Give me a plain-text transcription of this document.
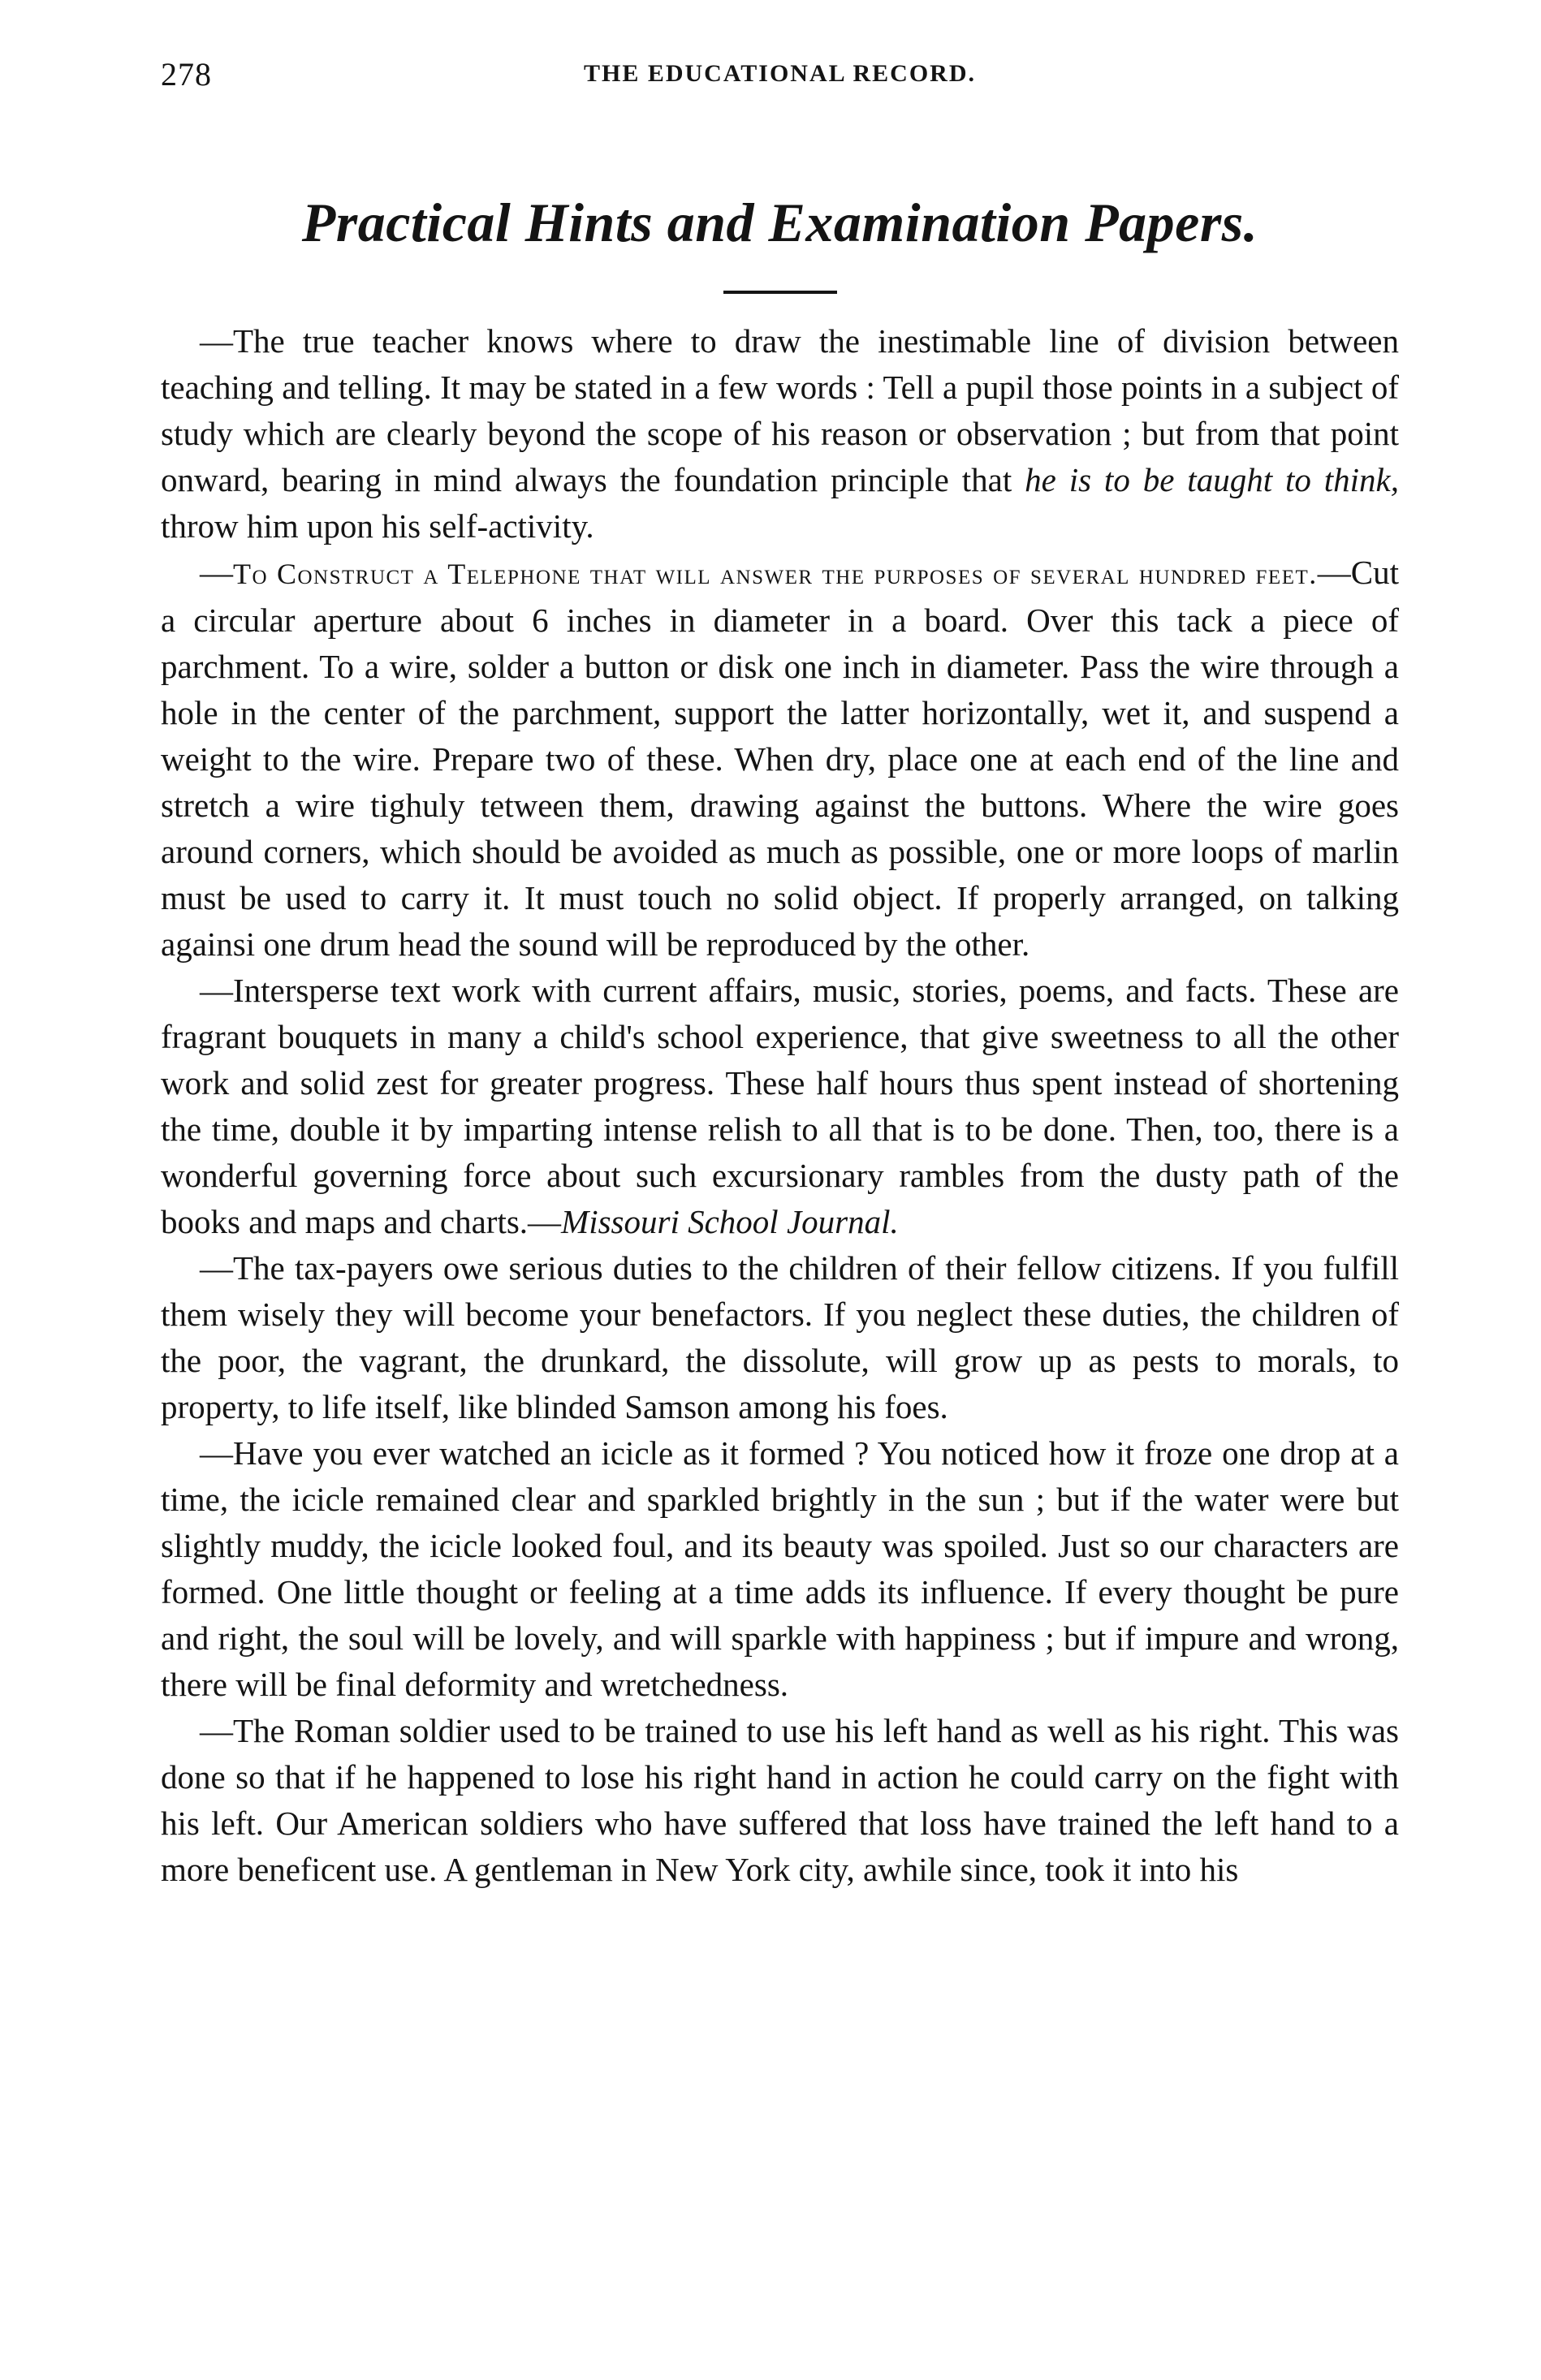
278	THE EDUCATIONAL RECORD.
Practical Hints and Examination Papers.

—The true teacher knows where to draw the inestimable line of division between teaching and telling. It may be stated in a few words : Tell a pupil those points in a subject of study which are clearly beyond the scope of his reason or observation ; but from that point onward, bearing in mind always the foundation principle that he is to be taught to think, throw him upon his self-activity.

—To Construct a Telephone that will answer the purposes of several hundred feet.—Cut a circular aperture about 6 inches in diameter in a board. Over this tack a piece of parchment. To a wire, solder a button or disk one inch in diameter. Pass the wire through a hole in the center of the parchment, support the latter horizontally, wet it, and suspend a weight to the wire. Prepare two of these. When dry, place one at each end of the line and stretch a wire tighuly tetween them, drawing against the buttons. Where the wire goes around corners, which should be avoided as much as possible, one or more loops of marlin must be used to carry it. It must touch no solid object. If properly arranged, on talking againsi one drum head the sound will be reproduced by the other.

—Intersperse text work with current affairs, music, stories, poems, and facts. These are fragrant bouquets in many a child's school experience, that give sweetness to all the other work and solid zest for greater progress. These half hours thus spent instead of shortening the time, double it by imparting intense relish to all that is to be done. Then, too, there is a wonderful governing force about such excursionary rambles from the dusty path of the books and maps and charts.—Missouri School Journal.

—The tax-payers owe serious duties to the children of their fellow citizens. If you fulfill them wisely they will become your benefactors. If you neglect these duties, the children of the poor, the vagrant, the drunkard, the dissolute, will grow up as pests to morals, to property, to life itself, like blinded Samson among his foes.

—Have you ever watched an icicle as it formed ? You noticed how it froze one drop at a time, the icicle remained clear and sparkled brightly in the sun ; but if the water were but slightly muddy, the icicle looked foul, and its beauty was spoiled. Just so our characters are formed. One little thought or feeling at a time adds its influence. If every thought be pure and right, the soul will be lovely, and will sparkle with happiness ; but if impure and wrong, there will be final deformity and wretchedness.

—The Roman soldier used to be trained to use his left hand as well as his right. This was done so that if he happened to lose his right hand in action he could carry on the fight with his left. Our American soldiers who have suffered that loss have trained the left hand to a more beneficent use. A gentleman in New York city, awhile since, took it into his
